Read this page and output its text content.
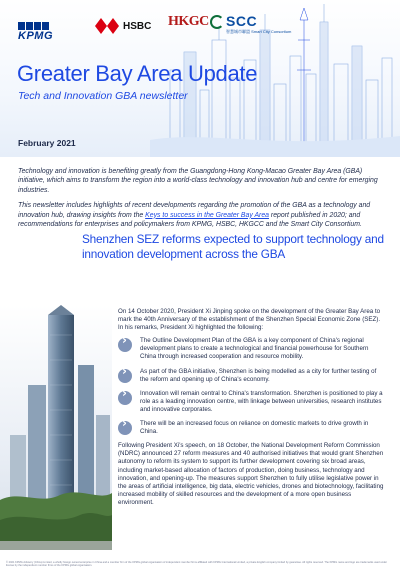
KPMG
HSBC HKGC SCC
智慧城市聯盟 Smart City Consortium
Greater Bay Area Update
Tech and Innovation GBA newsletter
February 2021

Technology and innovation is benefiting greatly from the Guangdong-Hong Kong-Macao Greater Bay Area (GBA) initiative, which aims to transform the region into a world-class technology and innovation hub and centre for emerging industries.

This newsletter includes highlights of recent developments regarding the promotion of the GBA as a technology and innovation hub, drawing insights from the Keys to success in the Greater Bay Area report published in 2020; and recommendations for enterprises and policymakers from KPMG, HSBC, HKGCC and the Smart City Consortium.

Shenzhen SEZ reforms expected to support technology and innovation development across the GBA

On 14 October 2020, President Xi Jinping spoke on the development of the Greater Bay Area to mark the 40th Anniversary of the establishment of the Shenzhen Special Economic Zone (SEZ). In his remarks, President Xi highlighted the following:

›
The Outline Development Plan of the GBA is a key component of China's regional development plans to create a technological and financial powerhouse for Southern China through increased cooperation and resource mobility.
›
As part of the GBA initiative, Shenzhen is being modelled as a city for further testing of the reform and opening up of China's economy.
›
Innovation will remain central to China's transformation. Shenzhen is positioned to play a role as a leading innovation centre, with linkage between universities, research institutes and innovative corporates.
›
There will be an increased focus on reliance on domestic markets to drive growth in China.

Following President Xi's speech, on 18 October, the National Development Reform Commission (NDRC) announced 27 reform measures and 40 authorised initiatives that would grant Shenzhen autonomy to reform its system to support its further development covering six broad areas, including market-based allocation of factors of production, doing business, technology and innovation, and opening-up. The measures support Shenzhen to fully utilise legislative power in the areas of artificial intelligence, big data, electric vehicles, drones and biotechnology, facilitating increased mobility of skilled resources and the development of a more open business environment.

© 2021 KPMG Advisory (China) Limited, a wholly foreign owned enterprise in China and a member firm of the KPMG global organisation of independent member firms affiliated with KPMG International Limited, a private English company limited by guarantee. All rights reserved. The KPMG name and logo are trademarks used under license by the independent member firms of the KPMG global organisation.
